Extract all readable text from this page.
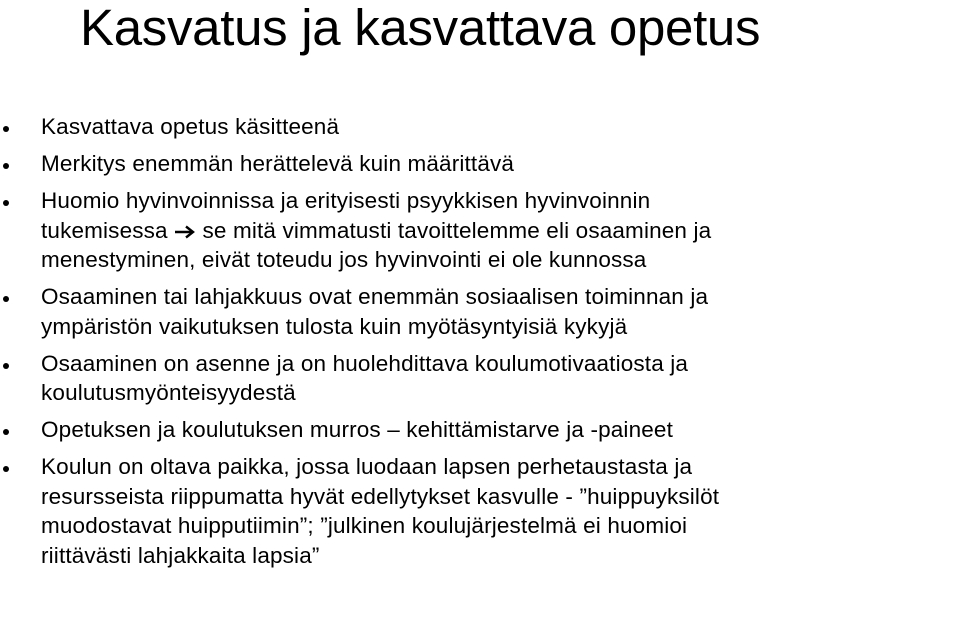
Kasvatus ja kasvattava opetus
Kasvattava opetus käsitteenä
Merkitys enemmän herättelevä kuin määrittävä
Huomio hyvinvoinnissa ja erityisesti psyykkisen hyvinvoinnin
tukemisessa  se mitä vimmatusti tavoittelemme eli osaaminen ja
menestyminen, eivät toteudu jos hyvinvointi ei ole kunnossa
Osaaminen tai lahjakkuus ovat enemmän sosiaalisen toiminnan ja
ympäristön vaikutuksen tulosta kuin myötäsyntyisiä kykyjä
Osaaminen on asenne ja on huolehdittava koulumotivaatiosta ja
koulutusmyönteisyydestä
Opetuksen ja koulutuksen murros – kehittämistarve ja -paineet
Koulun on oltava paikka, jossa luodaan lapsen perhetaustasta ja
resursseista riippumatta hyvät edellytykset kasvulle - ”huippuyksilöt
muodostavat huipputiimin”; ”julkinen koulujärjestelmä ei huomioi
riittävästi lahjakkaita lapsia”
